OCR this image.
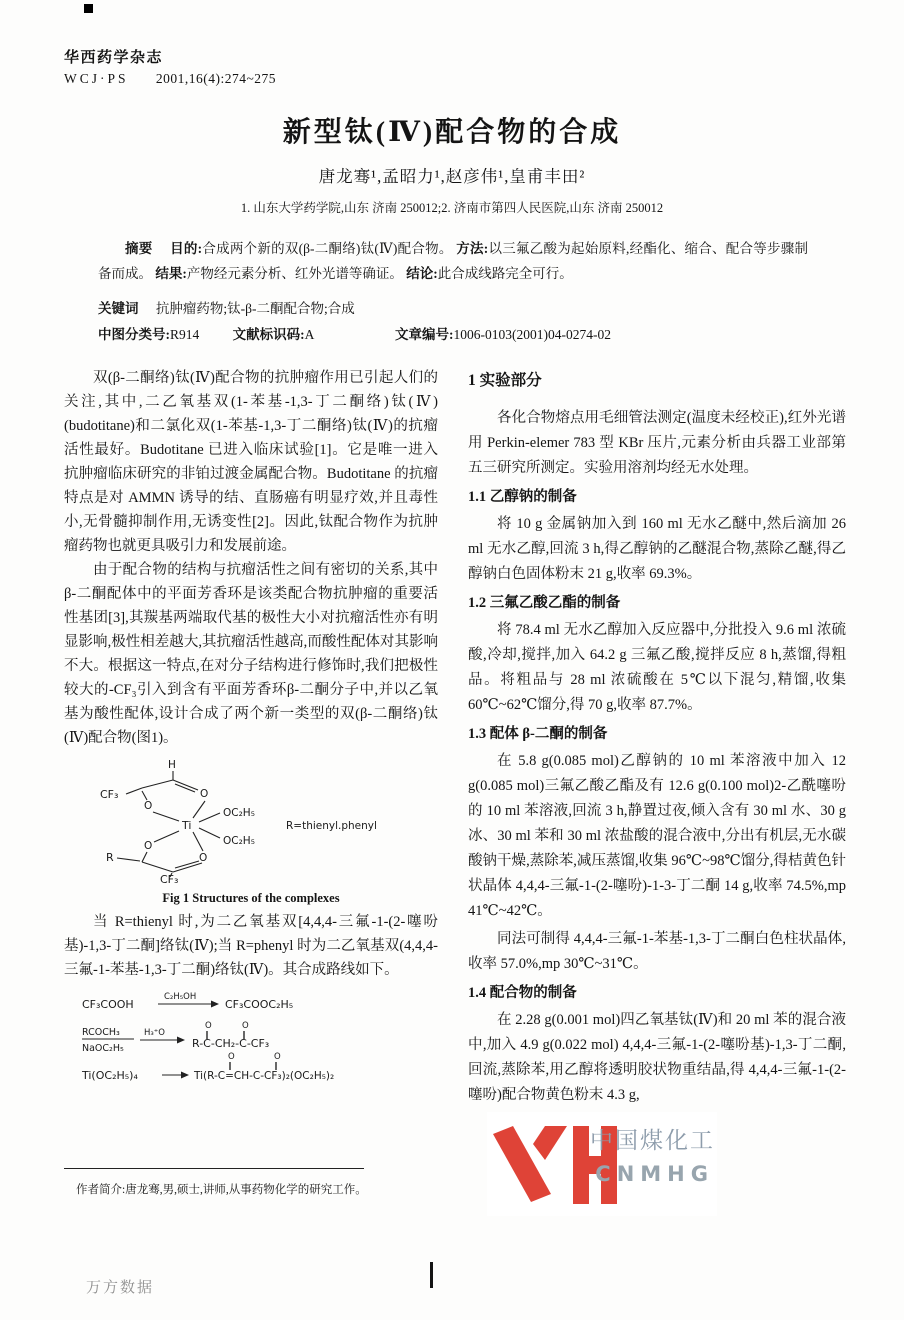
华西药学杂志
WCJ·PS 2001,16(4):274~275
新型钛(Ⅳ)配合物的合成
唐龙骞¹,孟昭力¹,赵彦伟¹,皇甫丰田²
1. 山东大学药学院,山东 济南 250012;2. 济南市第四人民医院,山东 济南 250012
摘要 目的:合成两个新的双(β-二酮络)钛(Ⅳ)配合物。 方法:以三氟乙酸为起始原料,经酯化、缩合、配合等步骤制备而成。 结果:产物经元素分析、红外光谱等确证。 结论:此合成线路完全可行。
关键词 抗肿瘤药物;钛-β-二酮配合物;合成
中图分类号:R914 文献标识码:A	文章编号:1006-0103(2001)04-0274-02

双(β-二酮络)钛(Ⅳ)配合物的抗肿瘤作用已引起人们的关注,其中,二乙氧基双(1-苯基-1,3-丁二酮络)钛(Ⅳ)(budotitane)和二氯化双(1-苯基-1,3-丁二酮络)钛(Ⅳ)的抗瘤活性最好。Budotitane 已进入临床试验[1]。它是唯一进入抗肿瘤临床研究的非铂过渡金属配合物。Budotitane 的抗瘤特点是对 AMMN 诱导的结、直肠癌有明显疗效,并且毒性小,无骨髓抑制作用,无诱变性[2]。因此,钛配合物作为抗肿瘤药物也就更具吸引力和发展前途。

由于配合物的结构与抗瘤活性之间有密切的关系,其中β-二酮配体中的平面芳香环是该类配合物抗肿瘤的重要活性基团[3],其羰基两端取代基的极性大小对抗瘤活性亦有明显影响,极性相差越大,其抗瘤活性越高,而酸性配体对其影响不大。根据这一特点,在对分子结构进行修饰时,我们把极性较大的-CF₃引入到含有平面芳香环β-二酮分子中,并以乙氧基为酸性配体,设计合成了两个新一类型的双(β-二酮络)钛(Ⅳ)配合物(图1)。

H
CF₃	O
O
Ti
OC₂H₅
OC₂H₅
R=thienyl.phenyl
O
O
R
CF₃
Fig 1 Structures of the complexes

当 R=thienyl 时,为二乙氧基双[4,4,4-三氟-1-(2-噻吩基)-1,3-丁二酮]络钛(Ⅳ);当 R=phenyl 时为二乙氧基双(4,4,4-三氟-1-苯基-1,3-丁二酮)络钛(Ⅳ)。其合成路线如下。

CF₃COOH
C₂H₅OH
CF₃COOC₂H₅
RCOCH₃
NaOC₂H₅
H₃⁺O
O
‖
O
‖
R-C-CH₂-C-CF₃
Ti(OC₂H₅)₄
O
‖
O
‖
Ti(R-C=CH-C-CF₃)₂(OC₂H₅)₂
1 实验部分

各化合物熔点用毛细管法测定(温度未经校正),红外光谱用 Perkin-elemer 783 型 KBr 压片,元素分析由兵器工业部第五三研究所测定。实验用溶剂均经无水处理。

1.1 乙醇钠的制备

将 10 g 金属钠加入到 160 ml 无水乙醚中,然后滴加 26 ml 无水乙醇,回流 3 h,得乙醇钠的乙醚混合物,蒸除乙醚,得乙醇钠白色固体粉末 21 g,收率 69.3%。

1.2 三氟乙酸乙酯的制备

将 78.4 ml 无水乙醇加入反应器中,分批投入 9.6 ml 浓硫酸,冷却,搅拌,加入 64.2 g 三氟乙酸,搅拌反应 8 h,蒸馏,得粗品。将粗品与 28 ml 浓硫酸在 5℃以下混匀,精馏,收集 60℃~62℃馏分,得 70 g,收率 87.7%。

1.3 配体 β-二酮的制备

在 5.8 g(0.085 mol)乙醇钠的 10 ml 苯溶液中加入 12 g(0.085 mol)三氟乙酸乙酯及有 12.6 g(0.100 mol)2-乙酰噻吩的 10 ml 苯溶液,回流 3 h,静置过夜,倾入含有 30 ml 水、30 g 冰、30 ml 苯和 30 ml 浓盐酸的混合液中,分出有机层,无水碳酸钠干燥,蒸除苯,减压蒸馏,收集 96℃~98℃馏分,得桔黄色针状晶体 4,4,4-三氟-1-(2-噻吩)-1-3-丁二酮 14 g,收率 74.5%,mp 41℃~42℃。

同法可制得 4,4,4-三氟-1-苯基-1,3-丁二酮白色柱状晶体,收率 57.0%,mp 30℃~31℃。

1.4 配合物的制备

在 2.28 g(0.001 mol)四乙氧基钛(Ⅳ)和 20 ml 苯的混合液中,加入 4.9 g(0.022 mol) 4,4,4-三氟-1-(2-噻吩基)-1,3-丁二酮,回流,蒸除苯,用乙醇将透明胶状物重结晶,得 4,4,4-三氟-1-(2-噻吩)配合物黄色粉末 4.3 g,

中国煤化工
CNMHG
作者简介:唐龙骞,男,硕士,讲师,从事药物化学的研究工作。
万方数据
